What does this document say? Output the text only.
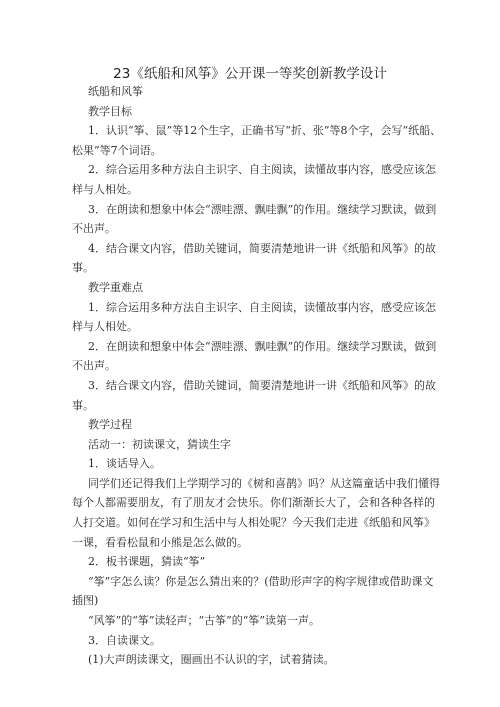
23《纸船和风筝》公开课一等奖创新教学设计

纸船和风筝

教学目标

1．认识“筝、鼠”等12个生字，正确书写“折、张”等8个字，会写“纸船、松果”等7个词语。

2．综合运用多种方法自主识字、自主阅读，读懂故事内容，感受应该怎样与人相处。

3．在朗读和想象中体会“漂哇漂、飘哇飘”的作用。继续学习默读，做到不出声。

4．结合课文内容，借助关键词，简要清楚地讲一讲《纸船和风筝》的故事。

教学重难点

1．综合运用多种方法自主识字、自主阅读，读懂故事内容，感受应该怎样与人相处。

2．在朗读和想象中体会“漂哇漂、飘哇飘”的作用。继续学习默读，做到不出声。

3．结合课文内容，借助关键词，简要清楚地讲一讲《纸船和风筝》的故事。

教学过程

活动一：初读课文，猜读生字

1．谈话导入。

同学们还记得我们上学期学习的《树和喜鹊》吗？从这篇童话中我们懂得每个人都需要朋友，有了朋友才会快乐。你们渐渐长大了，会和各种各样的人打交道。如何在学习和生活中与人相处呢？今天我们走进《纸船和风筝》一课，看看松鼠和小熊是怎么做的。

2．板书课题，猜读“筝”

“筝”字怎么读？你是怎么猜出来的？(借助形声字的构字规律或借助课文插图)

“风筝”的“筝”读轻声；“古筝”的“筝”读第一声。

3．自读课文。

(1)大声朗读课文，圈画出不认识的字，试着猜读。
